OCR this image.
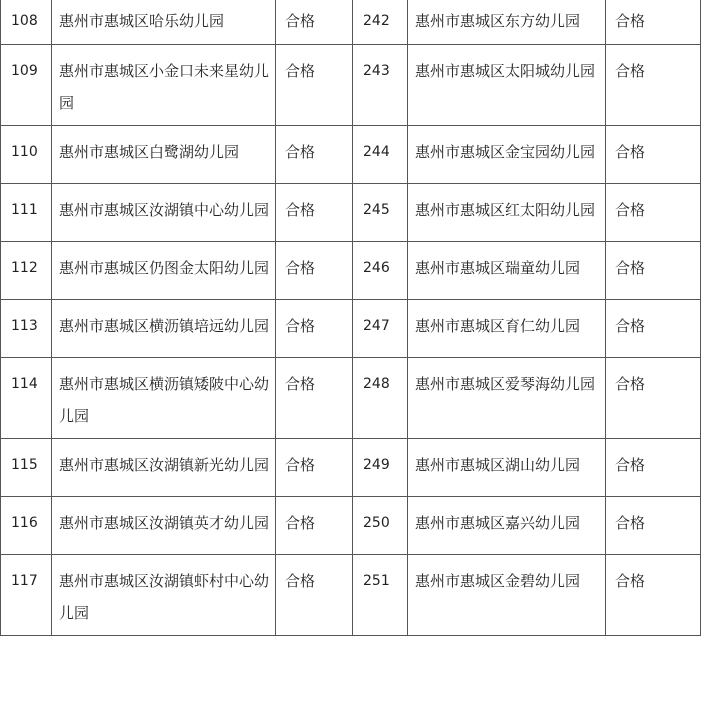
108	惠州市惠城区哈乐幼儿园	合格	242	惠州市惠城区东方幼儿园	合格
109	惠州市惠城区小金口未来星幼儿园	合格	243	惠州市惠城区太阳城幼儿园	合格
110	惠州市惠城区白鹭湖幼儿园	合格	244	惠州市惠城区金宝园幼儿园	合格
111	惠州市惠城区汝湖镇中心幼儿园	合格	245	惠州市惠城区红太阳幼儿园	合格
112	惠州市惠城区仍图金太阳幼儿园	合格	246	惠州市惠城区瑞童幼儿园	合格
113	惠州市惠城区横沥镇培远幼儿园	合格	247	惠州市惠城区育仁幼儿园	合格
114	惠州市惠城区横沥镇矮陂中心幼儿园	合格	248	惠州市惠城区爱琴海幼儿园	合格
115	惠州市惠城区汝湖镇新光幼儿园	合格	249	惠州市惠城区湖山幼儿园	合格
116	惠州市惠城区汝湖镇英才幼儿园	合格	250	惠州市惠城区嘉兴幼儿园	合格
117	惠州市惠城区汝湖镇虾村中心幼儿园	合格	251	惠州市惠城区金碧幼儿园	合格
